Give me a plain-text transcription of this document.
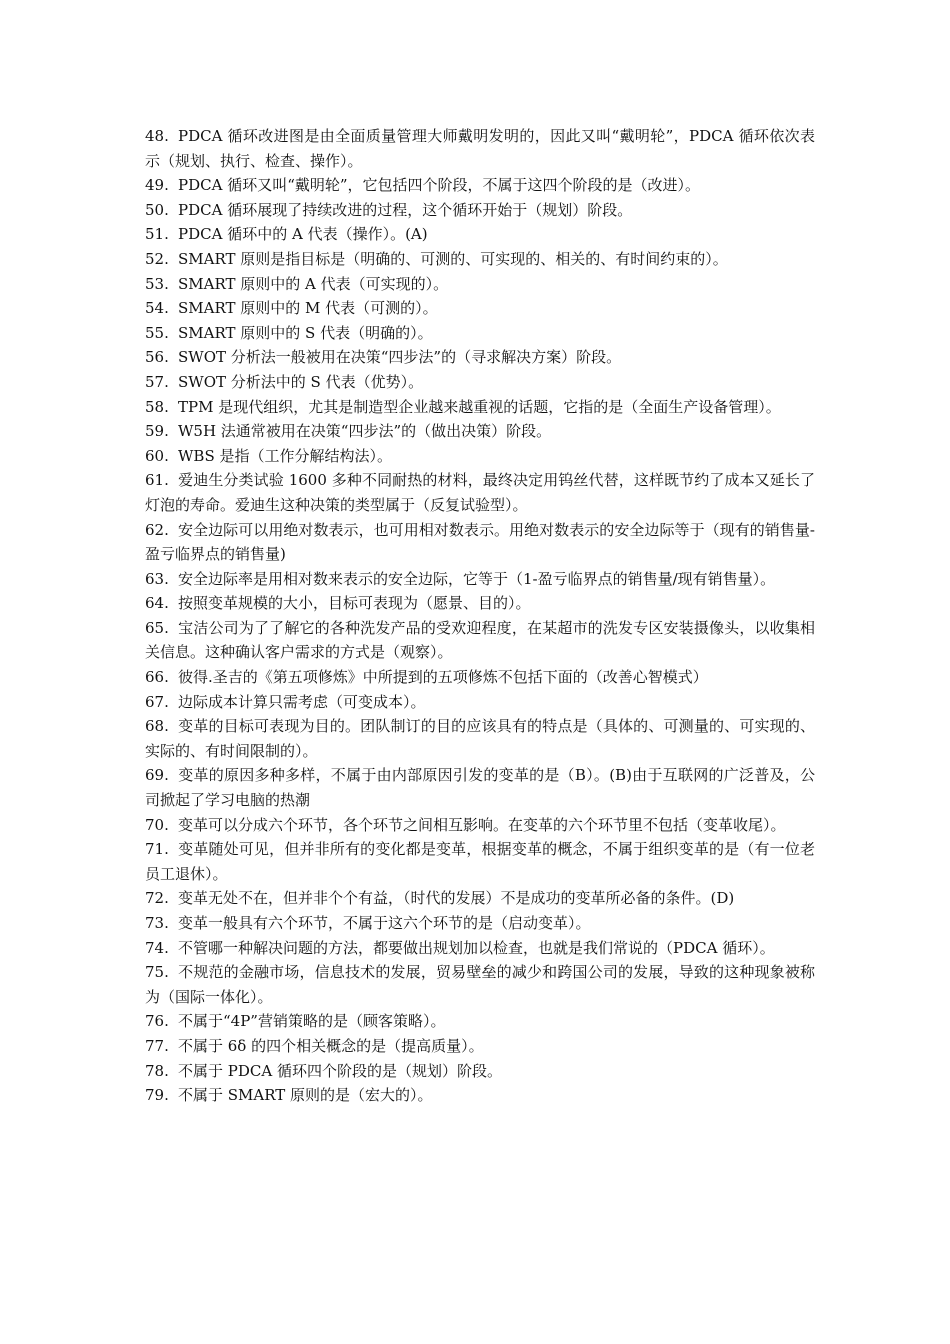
48. PDCA 循环改进图是由全面质量管理大师戴明发明的，因此又叫“戴明轮”，PDCA 循环依次表示（规划、执行、检查、操作）。
49. PDCA 循环又叫“戴明轮”，它包括四个阶段，不属于这四个阶段的是（改进）。
50. PDCA 循环展现了持续改进的过程，这个循环开始于（规划）阶段。
51. PDCA 循环中的 A 代表（操作）。(A)
52. SMART 原则是指目标是（明确的、可测的、可实现的、相关的、有时间约束的）。
53. SMART 原则中的 A 代表（可实现的）。
54. SMART 原则中的 M 代表（可测的）。
55. SMART 原则中的 S 代表（明确的）。
56. SWOT 分析法一般被用在决策“四步法”的（寻求解决方案）阶段。
57. SWOT 分析法中的 S 代表（优势）。
58. TPM 是现代组织，尤其是制造型企业越来越重视的话题，它指的是（全面生产设备管理）。
59. W5H 法通常被用在决策“四步法”的（做出决策）阶段。
60. WBS 是指（工作分解结构法）。
61. 爱迪生分类试验 1600 多种不同耐热的材料，最终决定用钨丝代替，这样既节约了成本又延长了灯泡的寿命。爱迪生这种决策的类型属于（反复试验型）。
62. 安全边际可以用绝对数表示，也可用相对数表示。用绝对数表示的安全边际等于（现有的销售量-盈亏临界点的销售量)
63. 安全边际率是用相对数来表示的安全边际，它等于（1-盈亏临界点的销售量/现有销售量）。
64. 按照变革规模的大小，目标可表现为（愿景、目的）。
65. 宝洁公司为了了解它的各种洗发产品的受欢迎程度，在某超市的洗发专区安装摄像头，以收集相关信息。这种确认客户需求的方式是（观察）。
66. 彼得.圣吉的《第五项修炼》中所提到的五项修炼不包括下面的（改善心智模式）
67. 边际成本计算只需考虑（可变成本）。
68. 变革的目标可表现为目的。团队制订的目的应该具有的特点是（具体的、可测量的、可实现的、实际的、有时间限制的）。
69. 变革的原因多种多样，不属于由内部原因引发的变革的是（B）。(B)由于互联网的广泛普及，公司掀起了学习电脑的热潮
70. 变革可以分成六个环节，各个环节之间相互影响。在变革的六个环节里不包括（变革收尾）。
71. 变革随处可见，但并非所有的变化都是变革，根据变革的概念，不属于组织变革的是（有一位老员工退休）。
72. 变革无处不在，但并非个个有益，（时代的发展）不是成功的变革所必备的条件。(D)
73. 变革一般具有六个环节，不属于这六个环节的是（启动变革）。
74. 不管哪一种解决问题的方法，都要做出规划加以检查，也就是我们常说的（PDCA 循环）。
75. 不规范的金融市场，信息技术的发展，贸易壁垒的减少和跨国公司的发展，导致的这种现象被称为（国际一体化）。
76. 不属于“4P”营销策略的是（顾客策略）。
77. 不属于 6δ 的四个相关概念的是（提高质量）。
78. 不属于 PDCA 循环四个阶段的是（规划）阶段。
79. 不属于 SMART 原则的是（宏大的）。
